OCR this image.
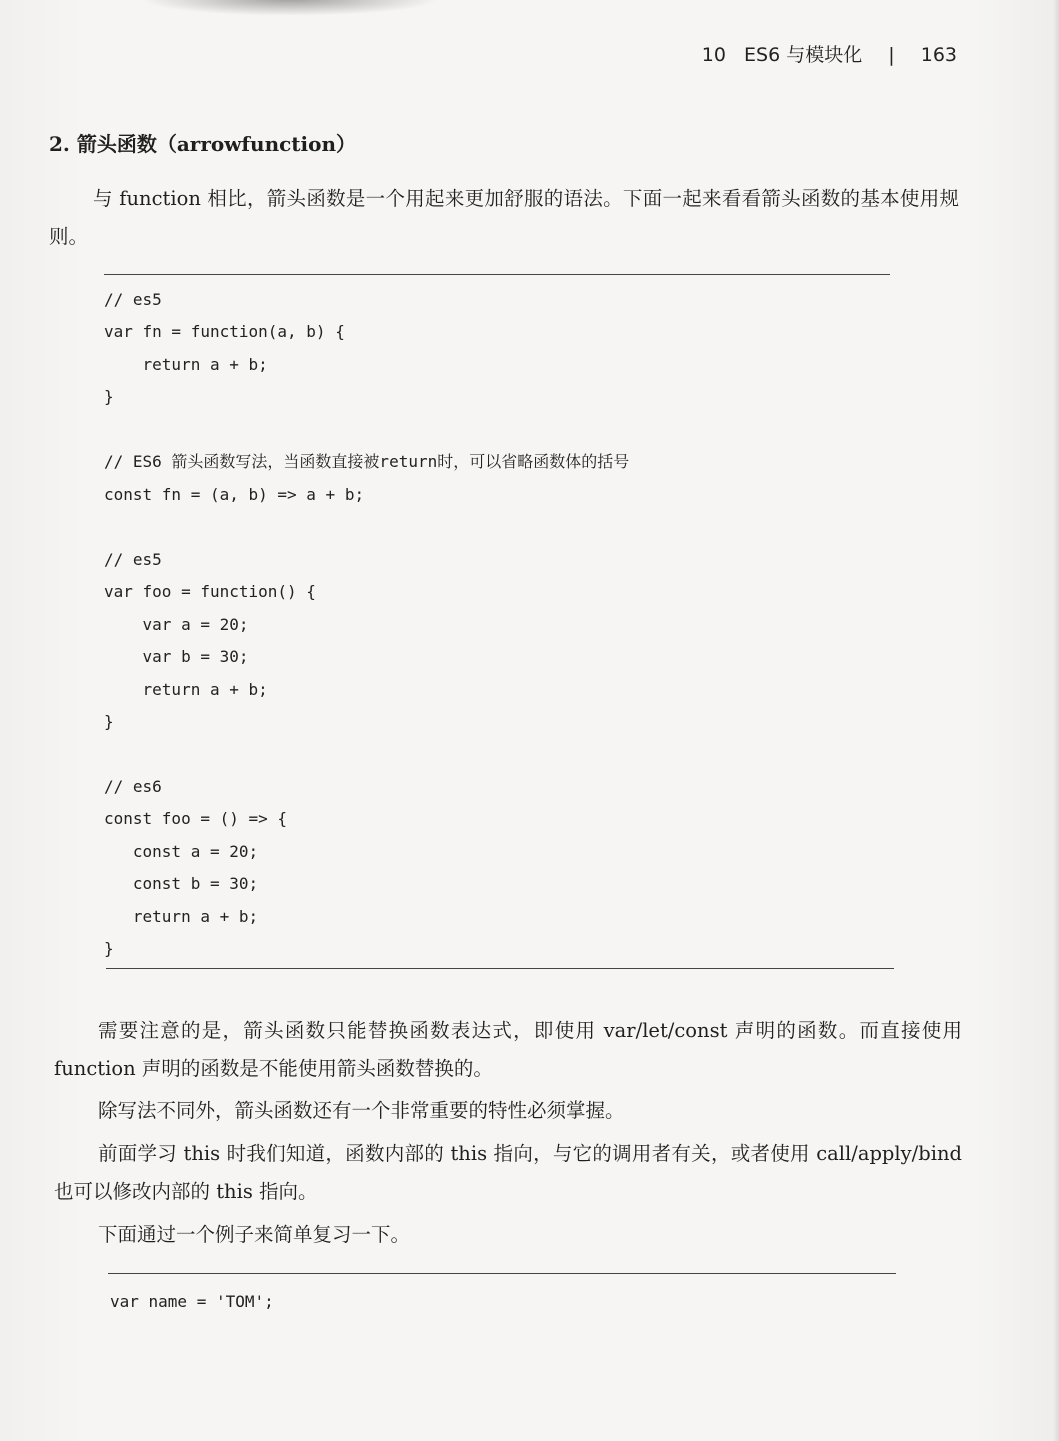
10 ES6 与模块化 | 163
2. 箭头函数（arrowfunction）

与 function 相比，箭头函数是一个用起来更加舒服的语法。下面一起来看看箭头函数的基本使用规则。

// es5
var fn = function(a, b) {
return a + b;
}
// ES6 箭头函数写法，当函数直接被return时，可以省略函数体的括号
const fn = (a, b) => a + b;
// es5
var foo = function() {
var a = 20;
var b = 30;
return a + b;
}
// es6
const foo = () => {
const a = 20;
const b = 30;
return a + b;
}

需要注意的是，箭头函数只能替换函数表达式，即使用 var/let/const 声明的函数。而直接使用 function 声明的函数是不能使用箭头函数替换的。

除写法不同外，箭头函数还有一个非常重要的特性必须掌握。

前面学习 this 时我们知道，函数内部的 this 指向，与它的调用者有关，或者使用 call/apply/bind 也可以修改内部的 this 指向。

下面通过一个例子来简单复习一下。

var name = 'TOM';
